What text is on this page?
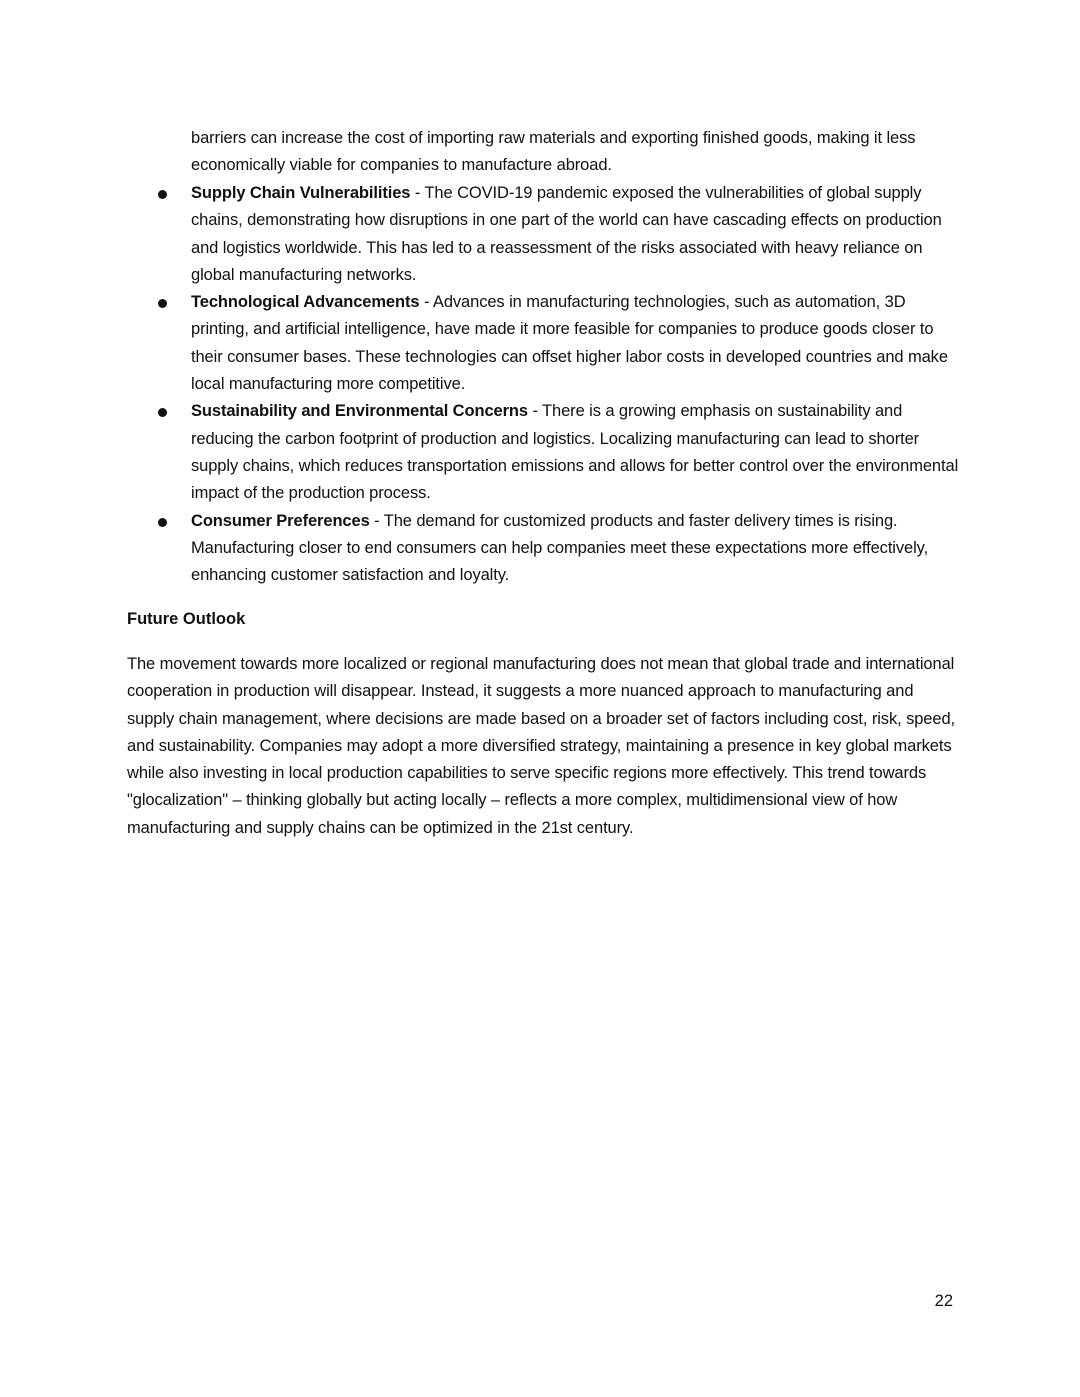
barriers can increase the cost of importing raw materials and exporting finished goods, making it less economically viable for companies to manufacture abroad.

Supply Chain Vulnerabilities - The COVID-19 pandemic exposed the vulnerabilities of global supply chains, demonstrating how disruptions in one part of the world can have cascading effects on production and logistics worldwide. This has led to a reassessment of the risks associated with heavy reliance on global manufacturing networks.
Technological Advancements - Advances in manufacturing technologies, such as automation, 3D printing, and artificial intelligence, have made it more feasible for companies to produce goods closer to their consumer bases. These technologies can offset higher labor costs in developed countries and make local manufacturing more competitive.
Sustainability and Environmental Concerns - There is a growing emphasis on sustainability and reducing the carbon footprint of production and logistics. Localizing manufacturing can lead to shorter supply chains, which reduces transportation emissions and allows for better control over the environmental impact of the production process.
Consumer Preferences - The demand for customized products and faster delivery times is rising. Manufacturing closer to end consumers can help companies meet these expectations more effectively, enhancing customer satisfaction and loyalty.
Future Outlook

The movement towards more localized or regional manufacturing does not mean that global trade and international cooperation in production will disappear. Instead, it suggests a more nuanced approach to manufacturing and supply chain management, where decisions are made based on a broader set of factors including cost, risk, speed, and sustainability. Companies may adopt a more diversified strategy, maintaining a presence in key global markets while also investing in local production capabilities to serve specific regions more effectively. This trend towards "glocalization" – thinking globally but acting locally – reflects a more complex, multidimensional view of how manufacturing and supply chains can be optimized in the 21st century.

22
